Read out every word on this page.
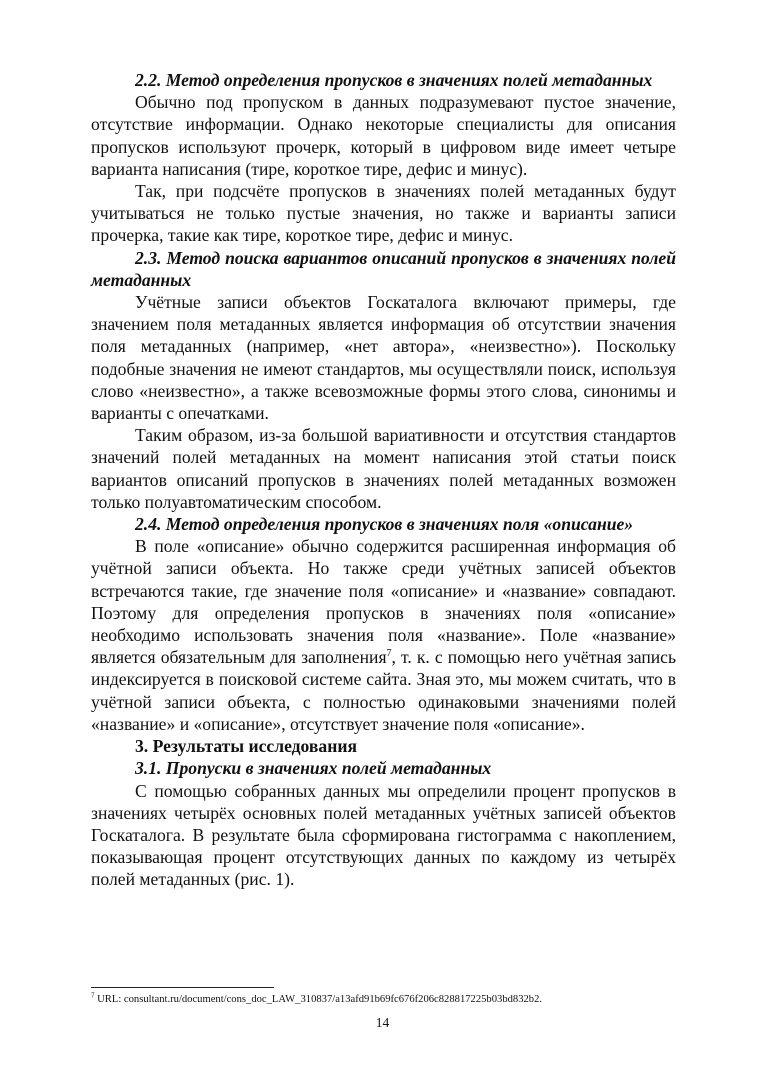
2.2. Метод определения пропусков в значениях полей метаданных

Обычно под пропуском в данных подразумевают пустое значение, отсутствие информации. Однако некоторые специалисты для описания пропусков используют прочерк, который в цифровом виде имеет четыре варианта написания (тире, короткое тире, дефис и минус).

Так, при подсчёте пропусков в значениях полей метаданных будут учитываться не только пустые значения, но также и варианты записи прочерка, такие как тире, короткое тире, дефис и минус.

2.3. Метод поиска вариантов описаний пропусков в значениях полей метаданных

Учётные записи объектов Госкаталога включают примеры, где значением поля метаданных является информация об отсутствии значения поля метаданных (например, «нет автора», «неизвестно»). Поскольку подобные значения не имеют стандартов, мы осуществляли поиск, используя слово «неизвестно», а также всевозможные формы этого слова, синонимы и варианты с опечатками.

Таким образом, из-за большой вариативности и отсутствия стандартов значений полей метаданных на момент написания этой статьи поиск вариантов описаний пропусков в значениях полей метаданных возможен только полуавтоматическим способом.

2.4. Метод определения пропусков в значениях поля «описание»

В поле «описание» обычно содержится расширенная информация об учётной записи объекта. Но также среди учётных записей объектов встречаются такие, где значение поля «описание» и «название» совпадают. Поэтому для определения пропусков в значениях поля «описание» необходимо использовать значения поля «название». Поле «название» является обязательным для заполнения$^7$, т. к. с помощью него учётная запись индексируется в поисковой системе сайта. Зная это, мы можем считать, что в учётной записи объекта, с полностью одинаковыми значениями полей «название» и «описание», отсутствует значение поля «описание».

3. Результаты исследования
3.1. Пропуски в значениях полей метаданных

С помощью собранных данных мы определили процент пропусков в значениях четырёх основных полей метаданных учётных записей объектов Госкаталога. В результате была сформирована гистограмма с накоплением, показывающая процент отсутствующих данных по каждому из четырёх полей метаданных (рис. 1).

$^7$ URL: consultant.ru/document/cons_doc_LAW_310837/a13afd91b69fc676f206c828817225b03bd832b2.
14
